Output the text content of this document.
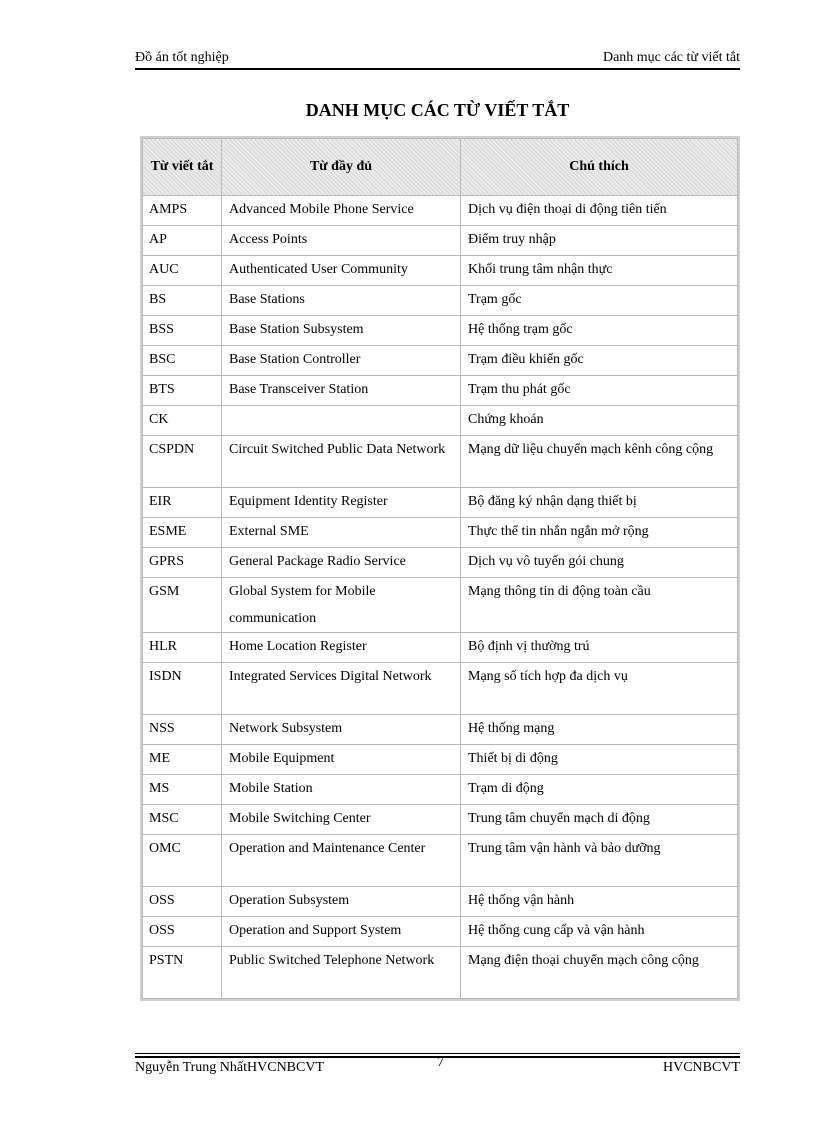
Đồ án tốt nghiệp	Danh mục các từ viết tắt
DANH MỤC CÁC TỪ VIẾT TẮT
Từ viết tắt	Từ đầy đủ	Chú thích
AMPS	Advanced Mobile Phone Service	Dịch vụ điện thoại di động tiên tiến
AP	Access Points	Điểm truy nhập
AUC	Authenticated User Community	Khối trung tâm nhận thực
BS	Base Stations	Trạm gốc
BSS	Base Station Subsystem	Hệ thống trạm gốc
BSC	Base Station Controller	Trạm điều khiển gốc
BTS	Base Transceiver Station	Trạm thu phát gốc
CK		Chứng khoán
CSPDN	Circuit Switched Public Data Network	Mạng dữ liệu chuyển mạch kênh công cộng
EIR	Equipment Identity Register	Bộ đăng ký nhận dạng thiết bị
ESME	External SME	Thực thể tin nhắn ngắn mở rộng
GPRS	General Package Radio Service	Dịch vụ vô tuyến gói chung
GSM	Global System for Mobile communication	Mạng thông tin di động toàn cầu
HLR	Home Location Register	Bộ định vị thường trú
ISDN	Integrated Services Digital Network	Mạng số tích hợp đa dịch vụ
NSS	Network Subsystem	Hệ thống mạng
ME	Mobile Equipment	Thiết bị di động
MS	Mobile Station	Trạm di động
MSC	Mobile Switching Center	Trung tâm chuyển mạch di động
OMC	Operation and Maintenance Center	Trung tâm vận hành và bảo dưỡng
OSS	Operation Subsystem	Hệ thống vận hành
OSS	Operation and Support System	Hệ thống cung cấp và vận hành
PSTN	Public Switched Telephone Network	Mạng điện thoại chuyển mạch công cộng
Nguyễn Trung NhấtHVCNBCVT	7	HVCNBCVT
